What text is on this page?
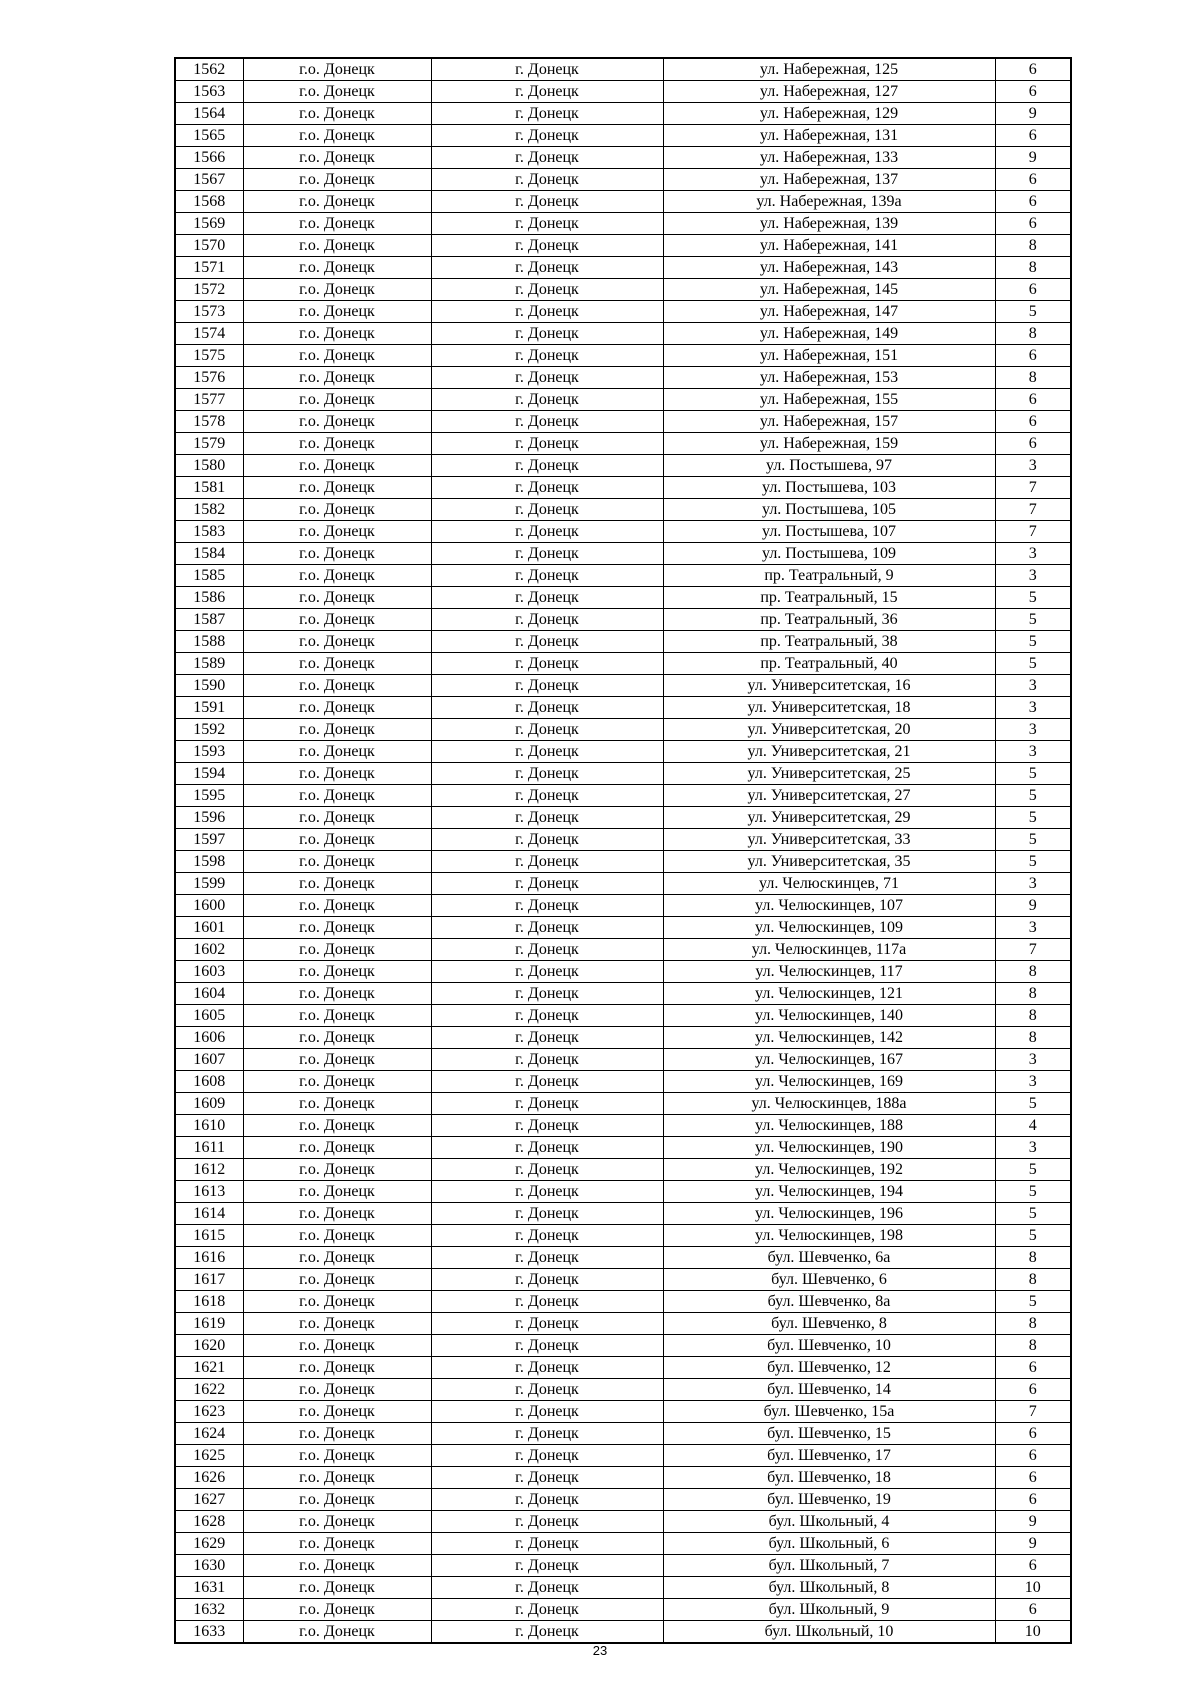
1562	г.о. Донецк	г. Донецк	ул. Набережная, 125	6
1563	г.о. Донецк	г. Донецк	ул. Набережная, 127	6
1564	г.о. Донецк	г. Донецк	ул. Набережная, 129	9
1565	г.о. Донецк	г. Донецк	ул. Набережная, 131	6
1566	г.о. Донецк	г. Донецк	ул. Набережная, 133	9
1567	г.о. Донецк	г. Донецк	ул. Набережная, 137	6
1568	г.о. Донецк	г. Донецк	ул. Набережная, 139а	6
1569	г.о. Донецк	г. Донецк	ул. Набережная, 139	6
1570	г.о. Донецк	г. Донецк	ул. Набережная, 141	8
1571	г.о. Донецк	г. Донецк	ул. Набережная, 143	8
1572	г.о. Донецк	г. Донецк	ул. Набережная, 145	6
1573	г.о. Донецк	г. Донецк	ул. Набережная, 147	5
1574	г.о. Донецк	г. Донецк	ул. Набережная, 149	8
1575	г.о. Донецк	г. Донецк	ул. Набережная, 151	6
1576	г.о. Донецк	г. Донецк	ул. Набережная, 153	8
1577	г.о. Донецк	г. Донецк	ул. Набережная, 155	6
1578	г.о. Донецк	г. Донецк	ул. Набережная, 157	6
1579	г.о. Донецк	г. Донецк	ул. Набережная, 159	6
1580	г.о. Донецк	г. Донецк	ул. Постышева, 97	3
1581	г.о. Донецк	г. Донецк	ул. Постышева, 103	7
1582	г.о. Донецк	г. Донецк	ул. Постышева, 105	7
1583	г.о. Донецк	г. Донецк	ул. Постышева, 107	7
1584	г.о. Донецк	г. Донецк	ул. Постышева, 109	3
1585	г.о. Донецк	г. Донецк	пр. Театральный, 9	3
1586	г.о. Донецк	г. Донецк	пр. Театральный, 15	5
1587	г.о. Донецк	г. Донецк	пр. Театральный, 36	5
1588	г.о. Донецк	г. Донецк	пр. Театральный, 38	5
1589	г.о. Донецк	г. Донецк	пр. Театральный, 40	5
1590	г.о. Донецк	г. Донецк	ул. Университетская, 16	3
1591	г.о. Донецк	г. Донецк	ул. Университетская, 18	3
1592	г.о. Донецк	г. Донецк	ул. Университетская, 20	3
1593	г.о. Донецк	г. Донецк	ул. Университетская, 21	3
1594	г.о. Донецк	г. Донецк	ул. Университетская, 25	5
1595	г.о. Донецк	г. Донецк	ул. Университетская, 27	5
1596	г.о. Донецк	г. Донецк	ул. Университетская, 29	5
1597	г.о. Донецк	г. Донецк	ул. Университетская, 33	5
1598	г.о. Донецк	г. Донецк	ул. Университетская, 35	5
1599	г.о. Донецк	г. Донецк	ул. Челюскинцев, 71	3
1600	г.о. Донецк	г. Донецк	ул. Челюскинцев, 107	9
1601	г.о. Донецк	г. Донецк	ул. Челюскинцев, 109	3
1602	г.о. Донецк	г. Донецк	ул. Челюскинцев, 117а	7
1603	г.о. Донецк	г. Донецк	ул. Челюскинцев, 117	8
1604	г.о. Донецк	г. Донецк	ул. Челюскинцев, 121	8
1605	г.о. Донецк	г. Донецк	ул. Челюскинцев, 140	8
1606	г.о. Донецк	г. Донецк	ул. Челюскинцев, 142	8
1607	г.о. Донецк	г. Донецк	ул. Челюскинцев, 167	3
1608	г.о. Донецк	г. Донецк	ул. Челюскинцев, 169	3
1609	г.о. Донецк	г. Донецк	ул. Челюскинцев, 188а	5
1610	г.о. Донецк	г. Донецк	ул. Челюскинцев, 188	4
1611	г.о. Донецк	г. Донецк	ул. Челюскинцев, 190	3
1612	г.о. Донецк	г. Донецк	ул. Челюскинцев, 192	5
1613	г.о. Донецк	г. Донецк	ул. Челюскинцев, 194	5
1614	г.о. Донецк	г. Донецк	ул. Челюскинцев, 196	5
1615	г.о. Донецк	г. Донецк	ул. Челюскинцев, 198	5
1616	г.о. Донецк	г. Донецк	бул. Шевченко, 6а	8
1617	г.о. Донецк	г. Донецк	бул. Шевченко, 6	8
1618	г.о. Донецк	г. Донецк	бул. Шевченко, 8а	5
1619	г.о. Донецк	г. Донецк	бул. Шевченко, 8	8
1620	г.о. Донецк	г. Донецк	бул. Шевченко, 10	8
1621	г.о. Донецк	г. Донецк	бул. Шевченко, 12	6
1622	г.о. Донецк	г. Донецк	бул. Шевченко, 14	6
1623	г.о. Донецк	г. Донецк	бул. Шевченко, 15а	7
1624	г.о. Донецк	г. Донецк	бул. Шевченко, 15	6
1625	г.о. Донецк	г. Донецк	бул. Шевченко, 17	6
1626	г.о. Донецк	г. Донецк	бул. Шевченко, 18	6
1627	г.о. Донецк	г. Донецк	бул. Шевченко, 19	6
1628	г.о. Донецк	г. Донецк	бул. Школьный, 4	9
1629	г.о. Донецк	г. Донецк	бул. Школьный, 6	9
1630	г.о. Донецк	г. Донецк	бул. Школьный, 7	6
1631	г.о. Донецк	г. Донецк	бул. Школьный, 8	10
1632	г.о. Донецк	г. Донецк	бул. Школьный, 9	6
1633	г.о. Донецк	г. Донецк	бул. Школьный, 10	10
23
